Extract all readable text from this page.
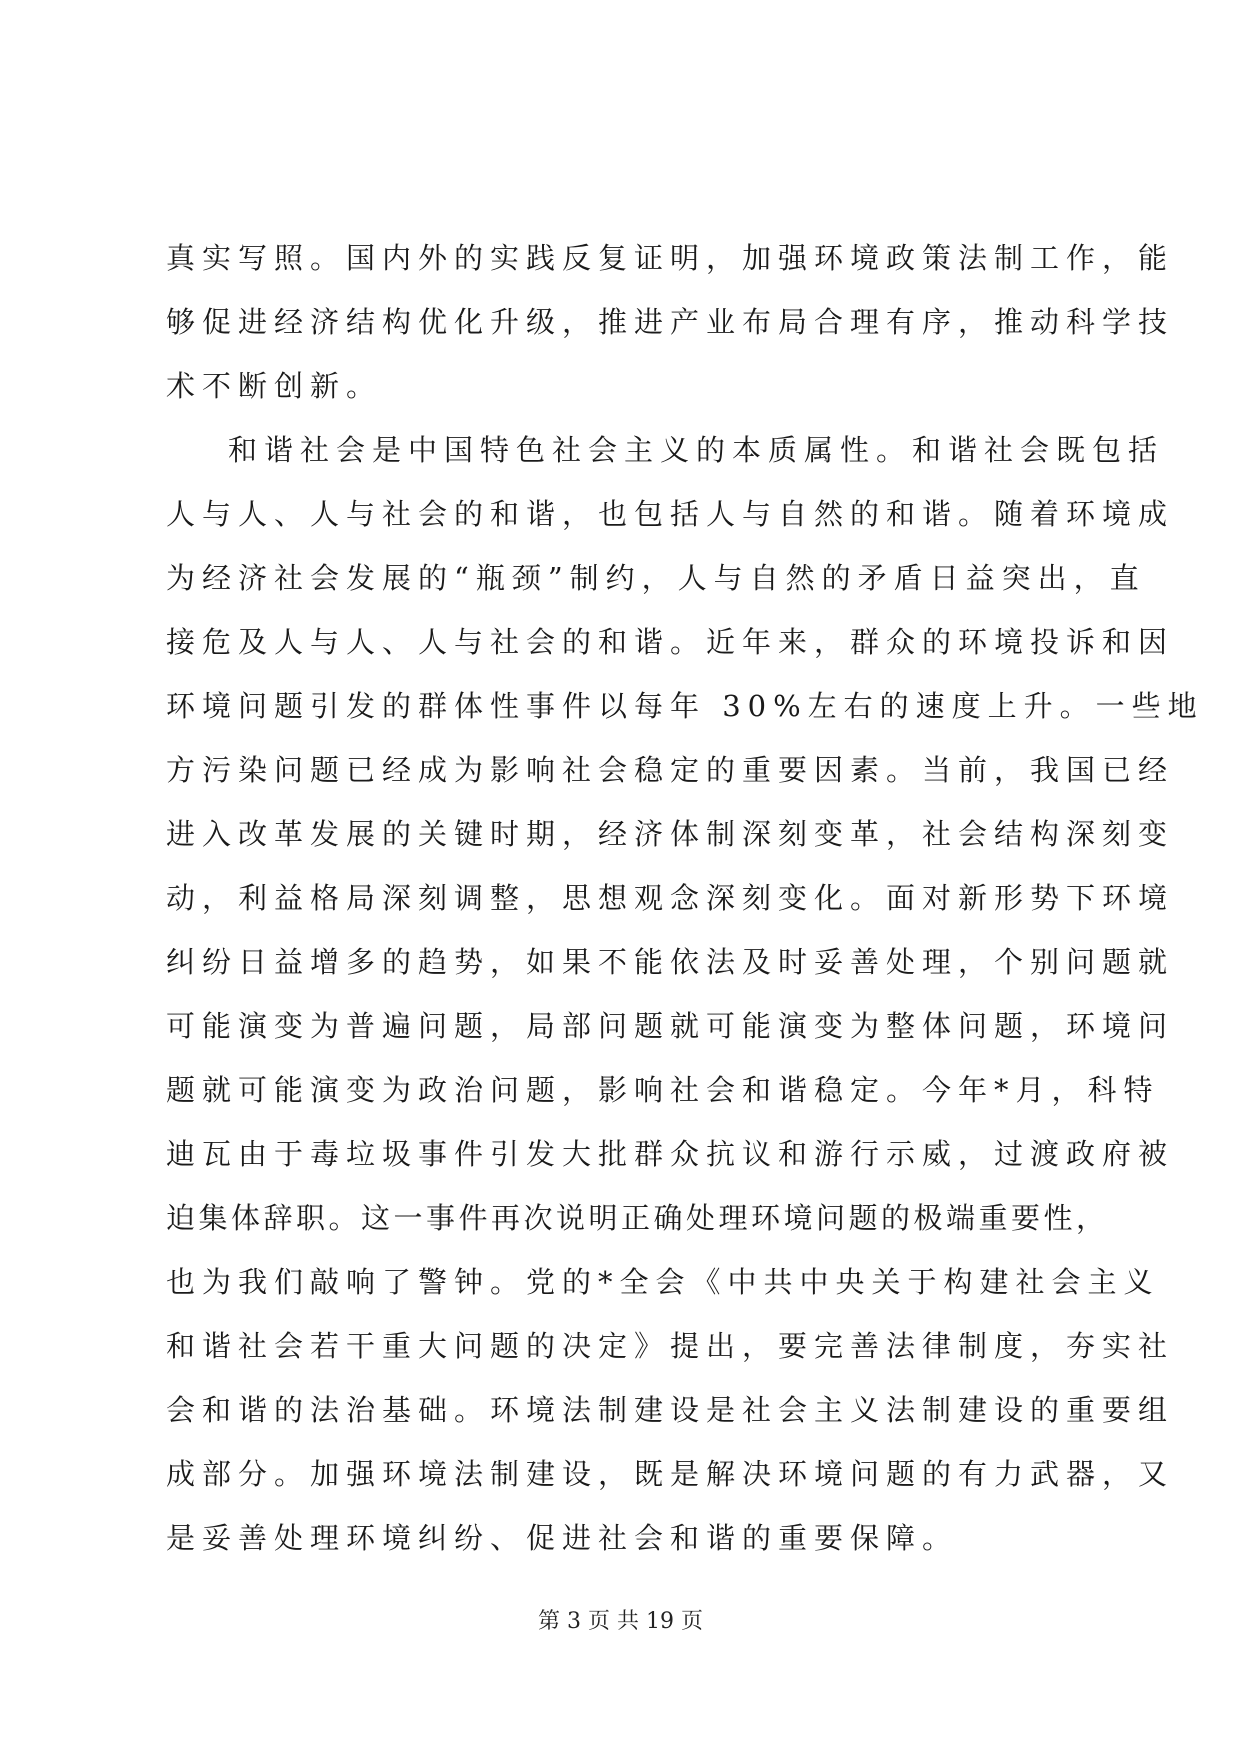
真实写照。国内外的实践反复证明，加强环境政策法制工作，能
够促进经济结构优化升级，推进产业布局合理有序，推动科学技
术不断创新。
和谐社会是中国特色社会主义的本质属性。和谐社会既包括
人与人、人与社会的和谐，也包括人与自然的和谐。随着环境成
为经济社会发展的“瓶颈”制约，人与自然的矛盾日益突出，直
接危及人与人、人与社会的和谐。近年来，群众的环境投诉和因
环境问题引发的群体性事件以每年 30%左右的速度上升。一些地
方污染问题已经成为影响社会稳定的重要因素。当前，我国已经
进入改革发展的关键时期，经济体制深刻变革，社会结构深刻变
动，利益格局深刻调整，思想观念深刻变化。面对新形势下环境
纠纷日益增多的趋势，如果不能依法及时妥善处理，个别问题就
可能演变为普遍问题，局部问题就可能演变为整体问题，环境问
题就可能演变为政治问题，影响社会和谐稳定。今年*月，科特
迪瓦由于毒垃圾事件引发大批群众抗议和游行示威，过渡政府被
迫集体辞职。这一事件再次说明正确处理环境问题的极端重要性，
也为我们敲响了警钟。党的*全会《中共中央关于构建社会主义
和谐社会若干重大问题的决定》提出，要完善法律制度，夯实社
会和谐的法治基础。环境法制建设是社会主义法制建设的重要组
成部分。加强环境法制建设，既是解决环境问题的有力武器，又
是妥善处理环境纠纷、促进社会和谐的重要保障。
第 3 页 共 19 页
